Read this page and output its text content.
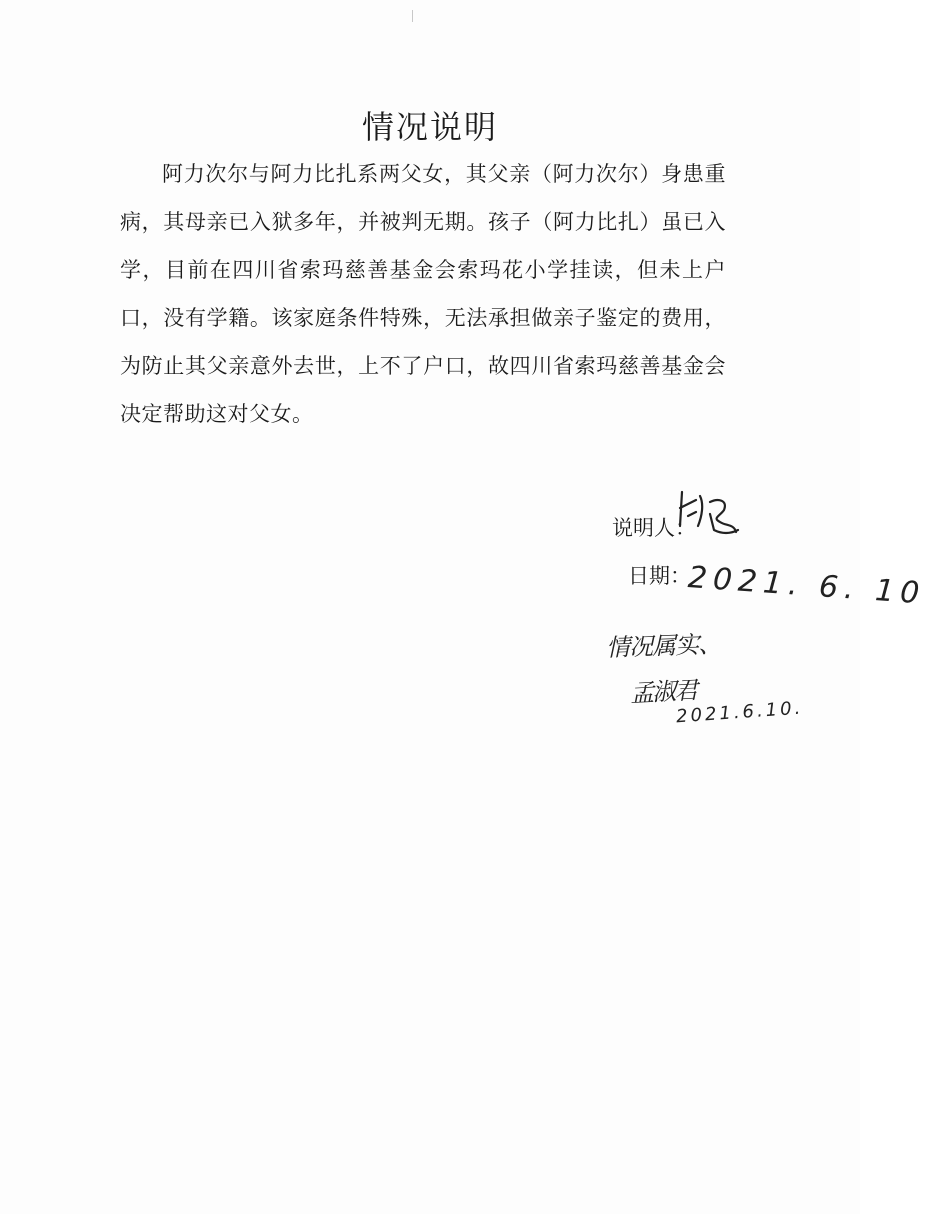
情况说明
阿力次尔与阿力比扎系两父女，其父亲（阿力次尔）身患重病，其母亲已入狱多年，并被判无期。孩子（阿力比扎）虽已入学，目前在四川省索玛慈善基金会索玛花小学挂读，但未上户口，没有学籍。该家庭条件特殊，无法承担做亲子鉴定的费用，为防止其父亲意外去世，上不了户口，故四川省索玛慈善基金会决定帮助这对父女。
说明人：
日期：
2021. 6. 10
情况属实、
孟淑君
2021.6.10.
